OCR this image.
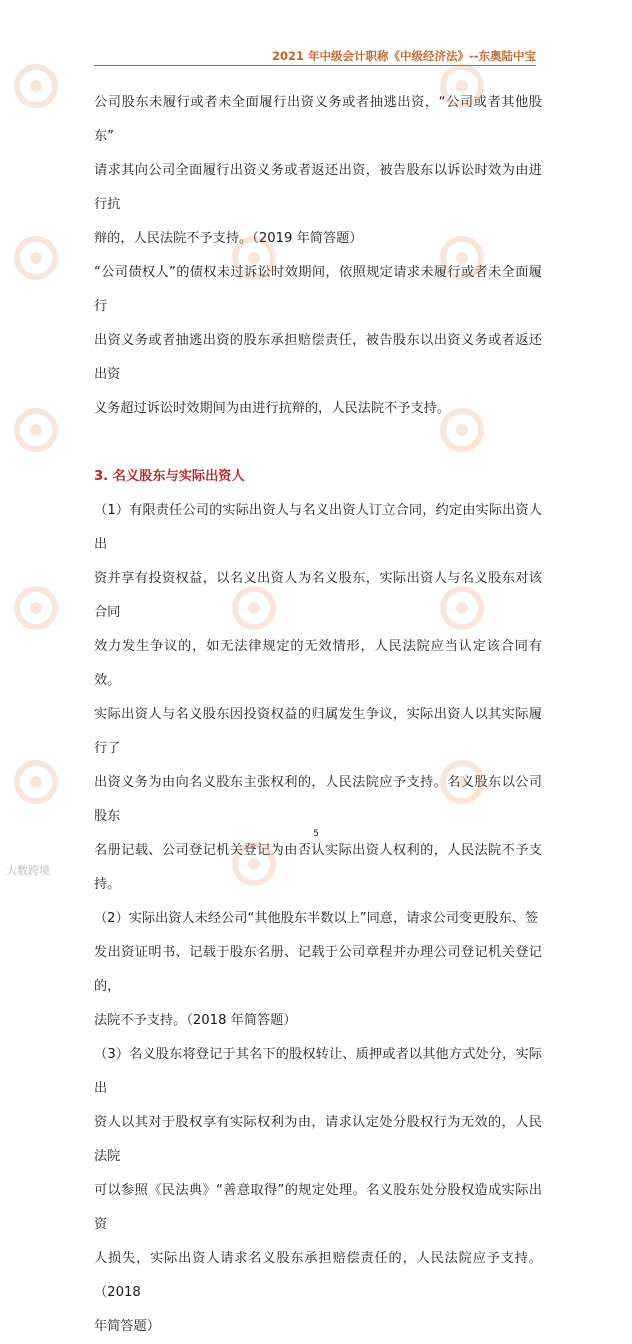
2021 年中级会计职称《中级经济法》--东奥陆中宝

公司股东未履行或者未全面履行出资义务或者抽逃出资，“公司或者其他股东”

请求其向公司全面履行出资义务或者返还出资，被告股东以诉讼时效为由进行抗

辩的，人民法院不予支持。（2019 年简答题）

“公司债权人”的债权未过诉讼时效期间，依照规定请求未履行或者未全面履行

出资义务或者抽逃出资的股东承担赔偿责任，被告股东以出资义务或者返还出资

义务超过诉讼时效期间为由进行抗辩的，人民法院不予支持。

3. 名义股东与实际出资人

（1）有限责任公司的实际出资人与名义出资人订立合同，约定由实际出资人出

资并享有投资权益，以名义出资人为名义股东，实际出资人与名义股东对该合同

效力发生争议的，如无法律规定的无效情形，人民法院应当认定该合同有效。

实际出资人与名义股东因投资权益的归属发生争议，实际出资人以其实际履行了

出资义务为由向名义股东主张权利的，人民法院应予支持。名义股东以公司股东

名册记载、公司登记机关登记为由否认实际出资人权利的，人民法院不予支持。

（2）实际出资人未经公司“其他股东半数以上”同意，请求公司变更股东、签

发出资证明书、记载于股东名册、记载于公司章程并办理公司登记机关登记的，

法院不予支持。（2018 年简答题）

（3）名义股东将登记于其名下的股权转让、质押或者以其他方式处分，实际出

资人以其对于股权享有实际权利为由，请求认定处分股权行为无效的，人民法院

可以参照《民法典》“善意取得”的规定处理。名义股东处分股权造成实际出资

人损失，实际出资人请求名义股东承担赔偿责任的，人民法院应予支持。（2018

年简答题）

5
大数跨境
